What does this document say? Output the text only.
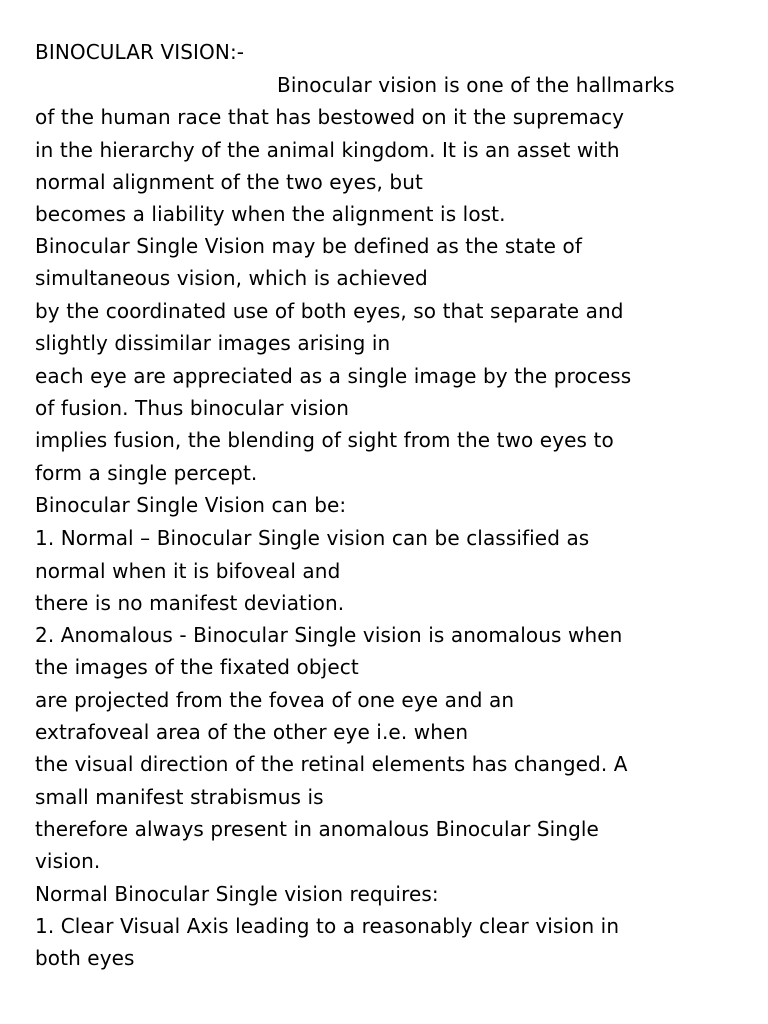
BINOCULAR VISION:-
Binocular vision is one of the hallmarks
of the human race that has bestowed on it the supremacy
in the hierarchy of the animal kingdom. It is an asset with
normal alignment of the two eyes, but
becomes a liability when the alignment is lost.
Binocular Single Vision may be defined as the state of
simultaneous vision, which is achieved
by the coordinated use of both eyes, so that separate and
slightly dissimilar images arising in
each eye are appreciated as a single image by the process
of fusion. Thus binocular vision
implies fusion, the blending of sight from the two eyes to
form a single percept.
Binocular Single Vision can be:
1. Normal – Binocular Single vision can be classified as
normal when it is bifoveal and
there is no manifest deviation.
2. Anomalous - Binocular Single vision is anomalous when
the images of the fixated object
are projected from the fovea of one eye and an
extrafoveal area of the other eye i.e. when
the visual direction of the retinal elements has changed. A
small manifest strabismus is
therefore always present in anomalous Binocular Single
vision.
Normal Binocular Single vision requires:
1. Clear Visual Axis leading to a reasonably clear vision in
both eyes
